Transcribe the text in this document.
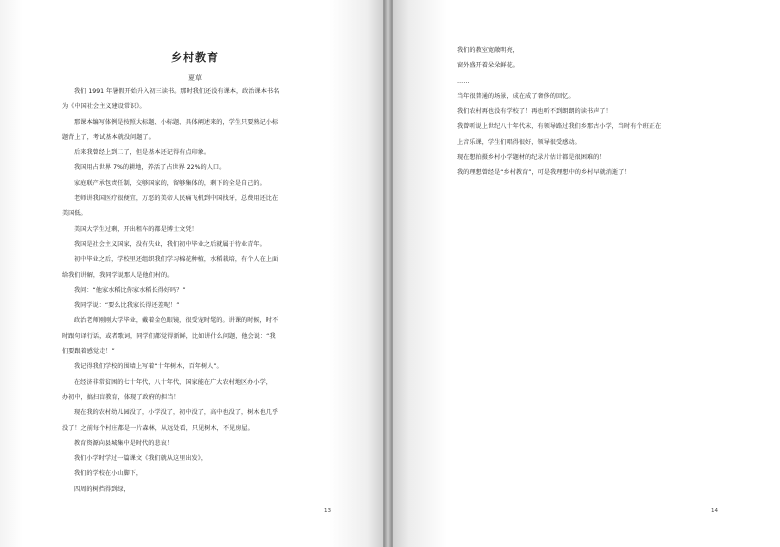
乡村教育
夏草
我们 1991 年暑假开始升入初三读书。那时我们还没有课本，政治课本书名
为《中国社会主义建设常识》。
那课本编写体例是按照大标题、小标题、具体阐述来的，学生只要熟记小标
题背上了，考试基本就没问题了。
后来我曾经上到二了，但是基本还记得有点印象。
我国用占世界 7%的耕地，养活了占世界 22%的人口。
家庭联产承包责任制，交够国家的，留够集体的，剩下的全是自己的。
老师讲我国医疗很便宜，万恶的美帝人民痛飞机到中国找牙，总费用还比在
美国低。
美国大学生过剩，开出租车的都是博士文凭！
我国是社会主义国家，没有失业，我们初中毕业之后就属于待业青年。
初中毕业之后，学校里还组织我们学习棉花种植，水稻栽培，有个人在上面
给我们讲解，我同学说那人是他们村的。
我问：“他家水稻比你家水稻长得好吗？”
我同学说：“要么比我家长得还差呢！”
政治老师刚刚大学毕业，戴着金色眼镜，很受宠时髦的。讲课的时候，时不
时跟句译行话，或者歌词，同学们都觉得新鲜，比如讲什么问题，他会说：“我
们要跟着感觉走！”
我记得我们学校的围墙上写着“十年树木，百年树人”。
在经济非常贫困的七十年代，八十年代，国家能在广大农村地区办小学，
办初中，搞扫盲教育，体现了政府的担当！
现在我的农村幼儿园没了，小学没了，初中没了，高中也没了，树木也几乎
没了！之前每个村庄都是一片森林，从远处看，只见树木，不见房屋。
教育资源向县城集中是时代的悲哀！
我们小学时学过一篇课文《我们就从这里出发》，
我们的学校在小山脚下，
四周的树挡得到绿，
13
我们的教室宽敞明亮，
窗外盛开着朵朵鲜花。
……
当年很普通的场景，成在成了奢侈的回忆。
我们农村再也没有学校了！再也听不到朗朗的读书声了！
我曾听说上世纪八十年代末，有领导路过我们乡那古小学，当时有个班正在
上音乐课，学生们唱得很好，领导很受感动。
现在想拍摄乡村小学题材的纪录片估计都是很困难的！
我的理想曾经是“乡村教育”，可是我理想中的乡村早就消逝了！
14
